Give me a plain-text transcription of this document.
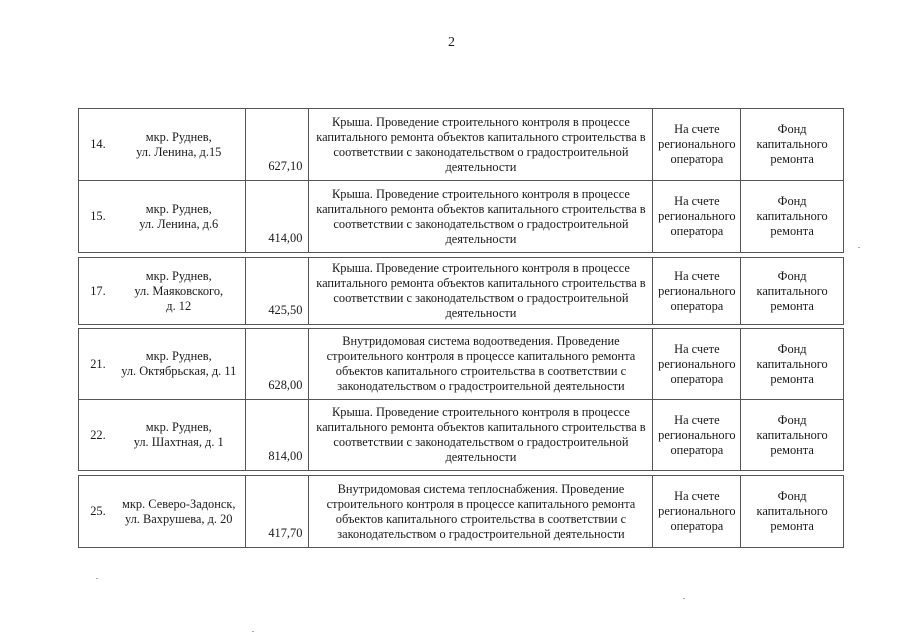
2
14.
мкр. Руднев,
ул. Ленина, д.15
627,10
Крыша. Проведение строительного контроля в процессе капитального ремонта объектов капитального строительства в соответствии с законодательством о градостроительной деятельности
На счете
регионального
оператора
Фонд
капитального
ремонта
15.
мкр. Руднев,
ул. Ленина, д.6
414,00
Крыша. Проведение строительного контроля в процессе капитального ремонта объектов капитального строительства в соответствии с законодательством о градостроительной деятельности
На счете
регионального
оператора
Фонд
капитального
ремонта
17.
мкр. Руднев,
ул. Маяковского,
д. 12	425,50
Крыша. Проведение строительного контроля в процессе капитального ремонта объектов капитального строительства в соответствии с законодательством о градостроительной деятельности
На счете
регионального
оператора
Фонд
капитального
ремонта
21.
мкр. Руднев,
ул. Октябрьская, д. 11
628,00
Внутридомовая система водоотведения. Проведение строительного контроля в процессе капитального ремонта объектов капитального строительства в соответствии с законодательством о градостроительной деятельности
На счете
регионального
оператора
Фонд
капитального
ремонта
22.
мкр. Руднев,
ул. Шахтная, д. 1
814,00
Крыша. Проведение строительного контроля в процессе капитального ремонта объектов капитального строительства в соответствии с законодательством о градостроительной деятельности
На счете
регионального
оператора
Фонд
капитального
ремонта
25.
мкр. Северо-Задонск,
ул. Вахрушева, д. 20
417,70
Внутридомовая система теплоснабжения. Проведение строительного контроля в процессе капитального ремонта объектов капитального строительства в соответствии с законодательством о градостроительной деятельности
На счете
регионального
оператора
Фонд
капитального
ремонта
